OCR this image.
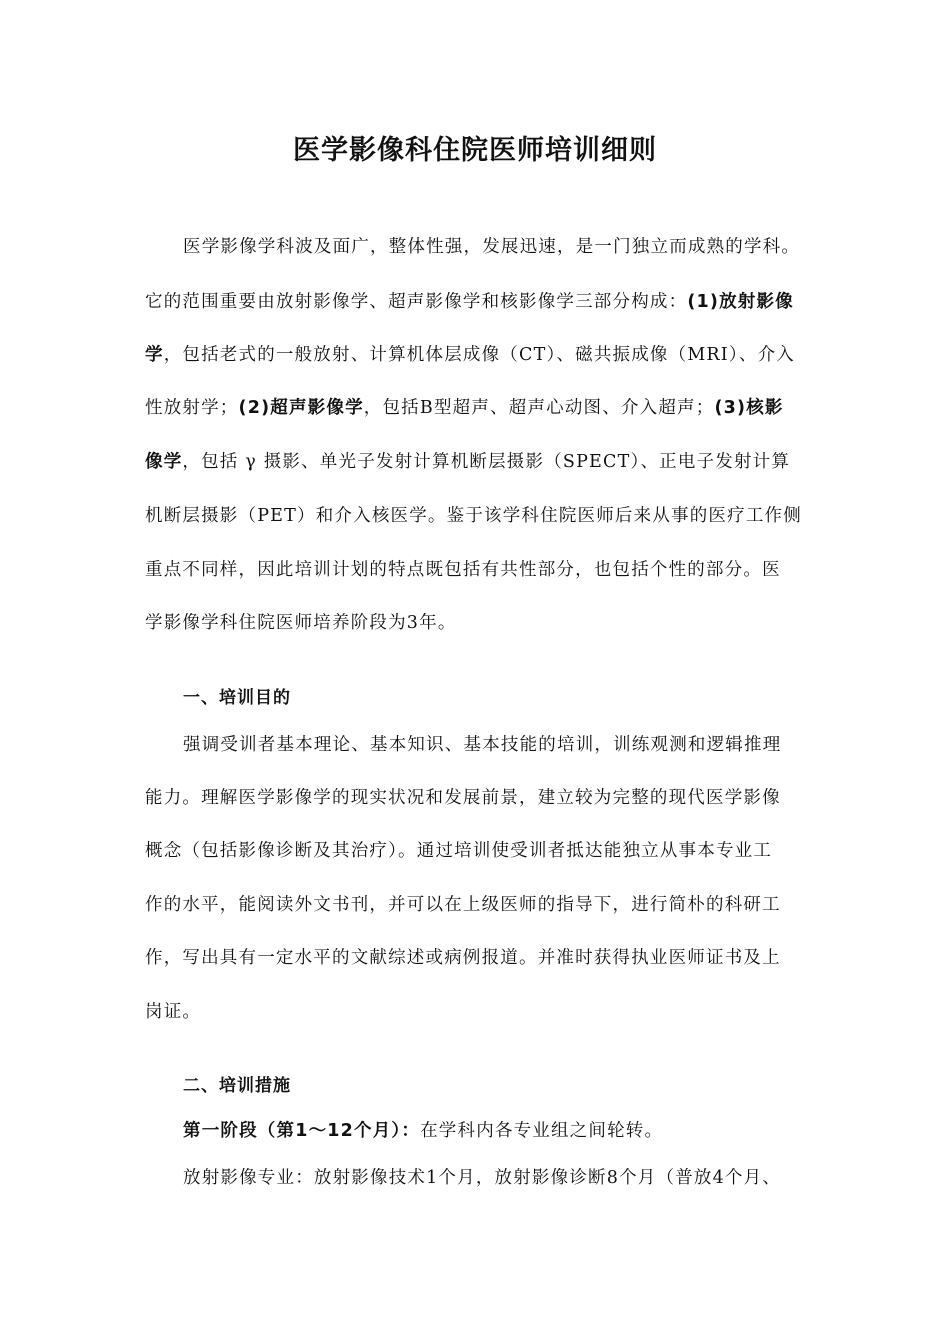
医学影像科住院医师培训细则
医学影像学科波及面广，整体性强，发展迅速，是一门独立而成熟的学科。
它的范围重要由放射影像学、超声影像学和核影像学三部分构成：(1)放射影像
学，包括老式的一般放射、计算机体层成像（CT）、磁共振成像（MRI）、介入
性放射学；(2)超声影像学，包括B型超声、超声心动图、介入超声；(3)核影
像学，包括 γ 摄影、单光子发射计算机断层摄影（SPECT）、正电子发射计算
机断层摄影（PET）和介入核医学。鉴于该学科住院医师后来从事的医疗工作侧
重点不同样，因此培训计划的特点既包括有共性部分，也包括个性的部分。医
学影像学科住院医师培养阶段为3年。
一、培训目的
强调受训者基本理论、基本知识、基本技能的培训，训练观测和逻辑推理
能力。理解医学影像学的现实状况和发展前景，建立较为完整的现代医学影像
概念（包括影像诊断及其治疗）。通过培训使受训者抵达能独立从事本专业工
作的水平，能阅读外文书刊，并可以在上级医师的指导下，进行简朴的科研工
作，写出具有一定水平的文献综述或病例报道。并准时获得执业医师证书及上
岗证。
二、培训措施
第一阶段（第1～12个月）：在学科内各专业组之间轮转。
放射影像专业：放射影像技术1个月，放射影像诊断8个月（普放4个月、
